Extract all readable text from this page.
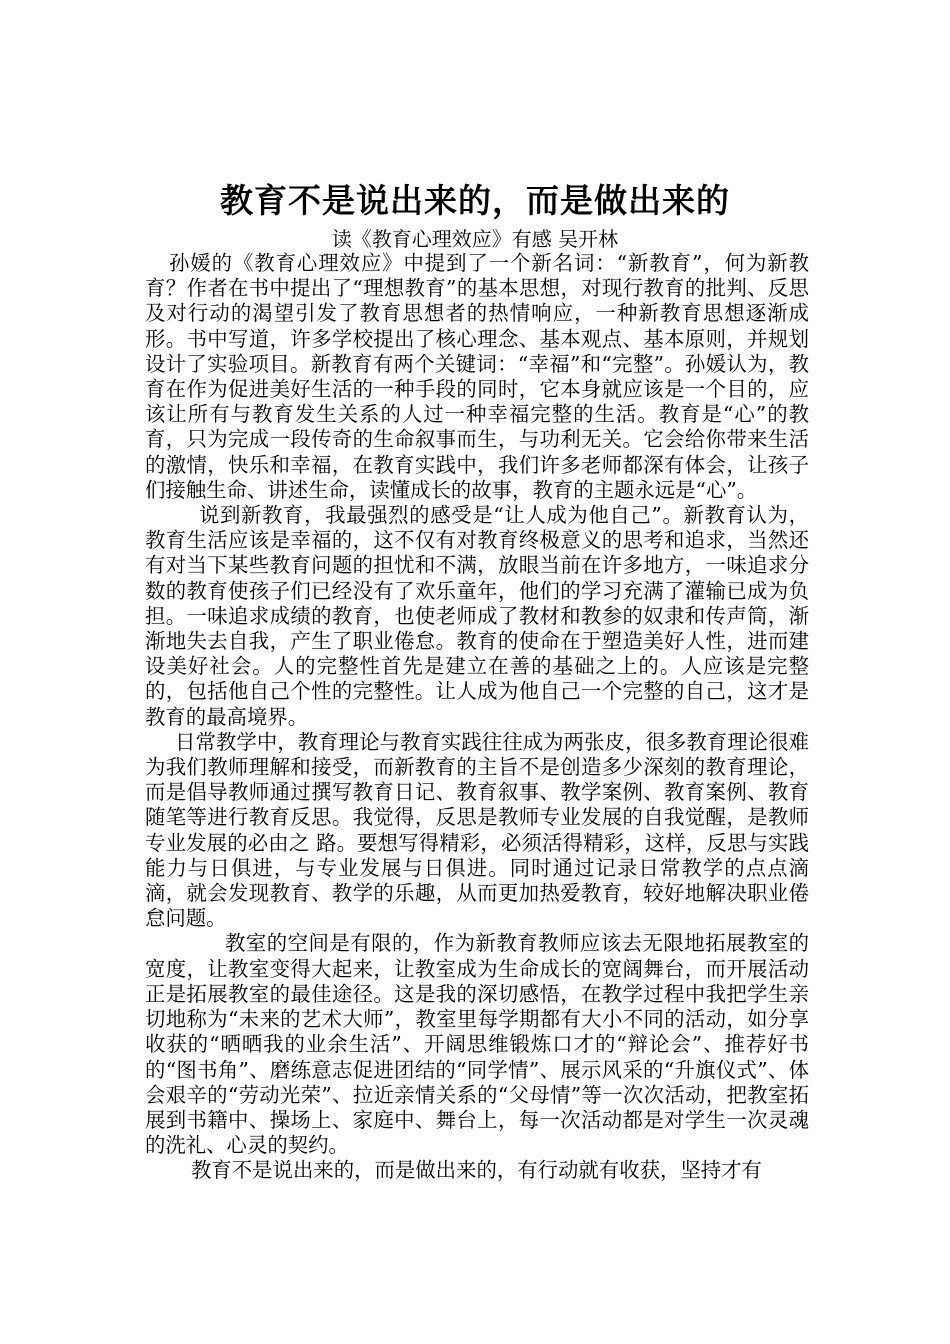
教育不是说出来的，而是做出来的

读《教育心理效应》有感 吴开林

孙媛的《教育心理效应》中提到了一个新名词：“新教育”，何为新教育？作者在书中提出了“理想教育”的基本思想，对现行教育的批判、反思及对行动的渴望引发了教育思想者的热情响应，一种新教育思想逐渐成形。书中写道，许多学校提出了核心理念、基本观点、基本原则，并规划设计了实验项目。新教育有两个关键词：“幸福”和“完整”。孙媛认为，教育在作为促进美好生活的一种手段的同时，它本身就应该是一个目的，应该让所有与教育发生关系的人过一种幸福完整的生活。教育是“心”的教育，只为完成一段传奇的生命叙事而生，与功利无关。它会给你带来生活的激情，快乐和幸福，在教育实践中，我们许多老师都深有体会，让孩子们接触生命、讲述生命，读懂成长的故事，教育的主题永远是“心”。

说到新教育，我最强烈的感受是“让人成为他自己”。新教育认为，教育生活应该是幸福的，这不仅有对教育终极意义的思考和追求，当然还有对当下某些教育问题的担忧和不满，放眼当前在许多地方，一味追求分数的教育使孩子们已经没有了欢乐童年，他们的学习充满了灌输已成为负担。一味追求成绩的教育，也使老师成了教材和教参的奴隶和传声筒，渐渐地失去自我，产生了职业倦怠。教育的使命在于塑造美好人性，进而建设美好社会。人的完整性首先是建立在善的基础之上的。人应该是完整的，包括他自己个性的完整性。让人成为他自己一个完整的自己，这才是教育的最高境界。

日常教学中，教育理论与教育实践往往成为两张皮，很多教育理论很难为我们教师理解和接受，而新教育的主旨不是创造多少深刻的教育理论，而是倡导教师通过撰写教育日记、教育叙事、教学案例、教育案例、教育随笔等进行教育反思。我觉得，反思是教师专业发展的自我觉醒，是教师专业发展的必由之 路。要想写得精彩，必须活得精彩，这样，反思与实践能力与日俱进，与专业发展与日俱进。同时通过记录日常教学的点点滴滴，就会发现教育、教学的乐趣，从而更加热爱教育，较好地解决职业倦怠问题。

教室的空间是有限的，作为新教育教师应该去无限地拓展教室的宽度，让教室变得大起来，让教室成为生命成长的宽阔舞台，而开展活动正是拓展教室的最佳途径。这是我的深切感悟，在教学过程中我把学生亲切地称为“未来的艺术大师”，教室里每学期都有大小不同的活动，如分享收获的“晒晒我的业余生活”、开阔思维锻炼口才的“辩论会”、推荐好书的“图书角”、磨练意志促进团结的“同学情”、展示风采的“升旗仪式”、体会艰辛的“劳动光荣”、拉近亲情关系的“父母情”等一次次活动，把教室拓展到书籍中、操场上、家庭中、舞台上，每一次活动都是对学生一次灵魂的洗礼、心灵的契约。

教育不是说出来的，而是做出来的，有行动就有收获，坚持才有
